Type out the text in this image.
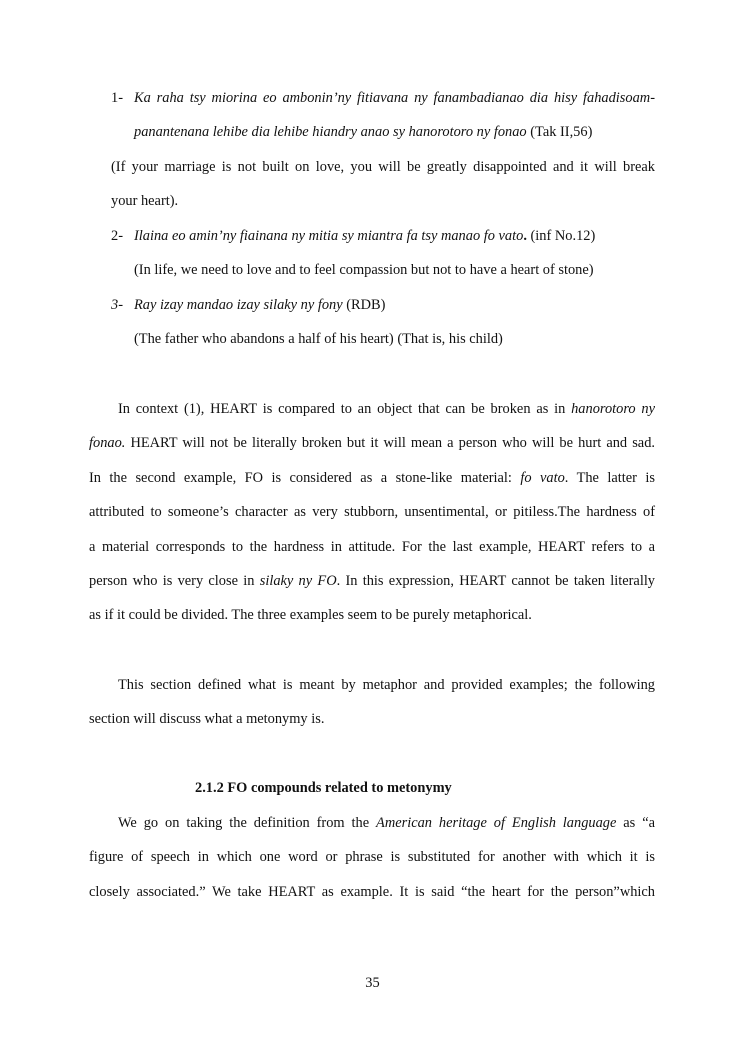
1- Ka raha tsy miorina eo ambonin’ny fitiavana ny fanambadianao dia hisy fahadisoam-
panantenana lehibe dia lehibe hiandry anao sy hanorotoro ny fonao (Tak II,56)
(If your marriage is not built on love, you will be greatly disappointed and it will break
your heart).
2- Ilaina eo amin’ny fiainana ny mitia sy miantra fa tsy manao fo vato. (inf No.12)
(In life, we need to love and to feel compassion but not to have a heart of stone)
3- Ray izay mandao izay silaky ny fony (RDB)
(The father who abandons a half of his heart) (That is, his child)
In context (1), HEART is compared to an object that can be broken as in hanorotoro ny
fonao. HEART will not be literally broken but it will mean a person who will be hurt and sad.
In the second example, FO is considered as a stone-like material: fo vato. The latter is
attributed to someone’s character as very stubborn, unsentimental, or pitiless.The hardness of
a material corresponds to the hardness in attitude. For the last example, HEART refers to a
person who is very close in silaky ny FO. In this expression, HEART cannot be taken literally
as if it could be divided. The three examples seem to be purely metaphorical.
This section defined what is meant by metaphor and provided examples; the following
section will discuss what a metonymy is.
2.1.2 FO compounds related to metonymy
We go on taking the definition from the American heritage of English language as “a
figure of speech in which one word or phrase is substituted for another with which it is
closely associated.” We take HEART as example. It is said “the heart for the person”which
35
